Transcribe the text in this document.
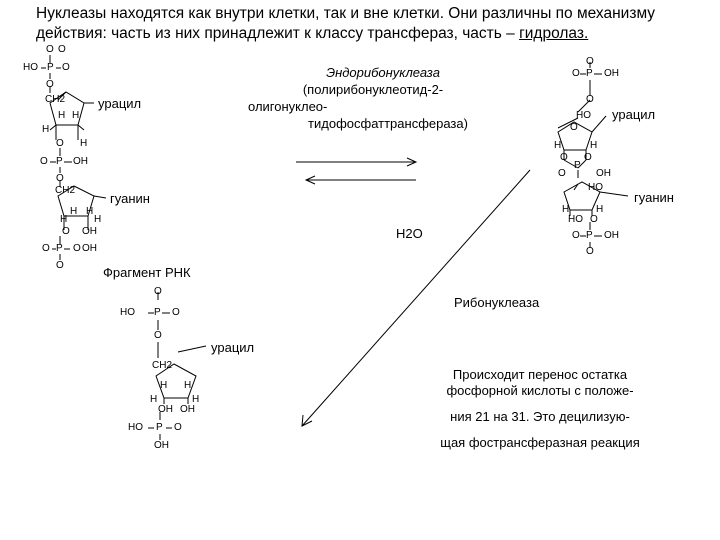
Нуклеазы находятся как внутри клетки, так и вне клетки. Они различны по механизму
действия: часть из них принадлежит к классу трансфераз, часть – гидролаз.

O O
HO P O
O
CH2	урацил
H H
H
O H
O P OH
O
CH2
гуанин
H H
H	H
O OH
O P O OH
O	Фрагмент РНК
Эндорибонуклеаза
(полирибонуклеотид-2-
олигонуклео-
тидофосфаттрансфераза)
H2O
Рибонуклеаза
O
HO P O
O
урацил
CH2
H H
H	H
OH OH
HO P O
OH
O
O P OH
O
урацил
HO
O
H	H
O O
P
O	OH
HO
гуанин
H	H
HO O
O P OH
O
Происходит перенос остатка
фосфорной кислоты с положе-
ния 21 на 31. Это децилизую-
щая фострансферазная реакция
